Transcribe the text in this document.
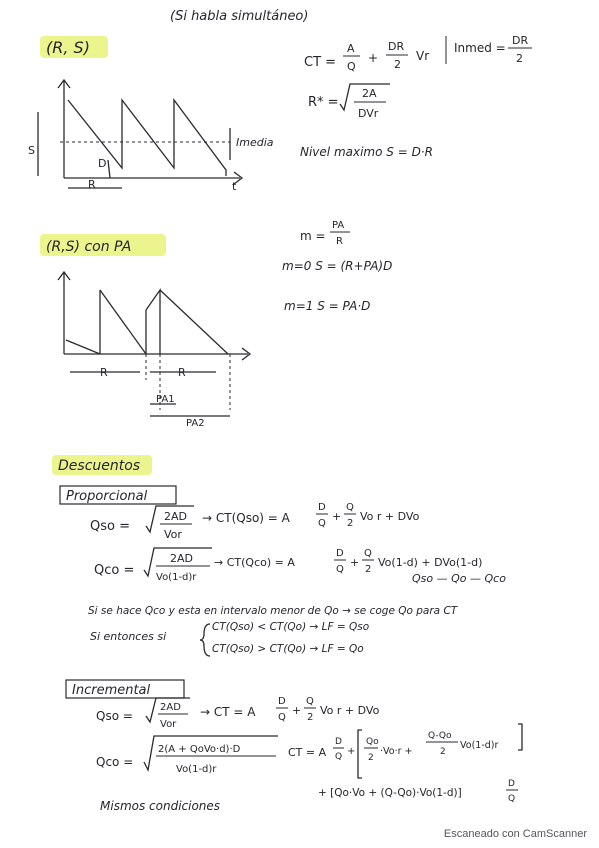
(Si habla simultáneo)
(R, S)
S
D
R	t
Imedia
CT =
A
Q
+
DR
2
Vr
Inmed =
DR
2
R* =
2A
DVr
Nivel maximo S = D·R
(R,S) con PA
R	R
PA1
PA2
m =
PA
R
m=0 S = (R+PA)D
m=1 S = PA·D
Descuentos
Proporcional
Qso =
2AD
Vor
→ CT(Qso) = A
D
Q
+
Q
2
Vo r + DVo
Qco =
2AD
Vo(1-d)r
→ CT(Qco) = A
D
Q
+
Q
2
Vo(1-d) + DVo(1-d)
Qso — Qo — Qco
Si se hace Qco y esta en intervalo menor de Qo → se coge Qo para CT
Si entonces si
CT(Qso) < CT(Qo) → LF = Qso
CT(Qso) > CT(Qo) → LF = Qo
Incremental
Qso =
2AD
Vor
→ CT = A
D
Q
+
Q
2
Vo r + DVo
Qco =
2(A + QoVo·d)·D
Vo(1-d)r
CT = A
D
Q +
Qo
2
·Vo·r +
Q-Qo
2
Vo(1-d)r
+ [Qo·Vo + (Q-Qo)·Vo(1-d)]
D
Q
Mismos condiciones
Escaneado con CamScanner
